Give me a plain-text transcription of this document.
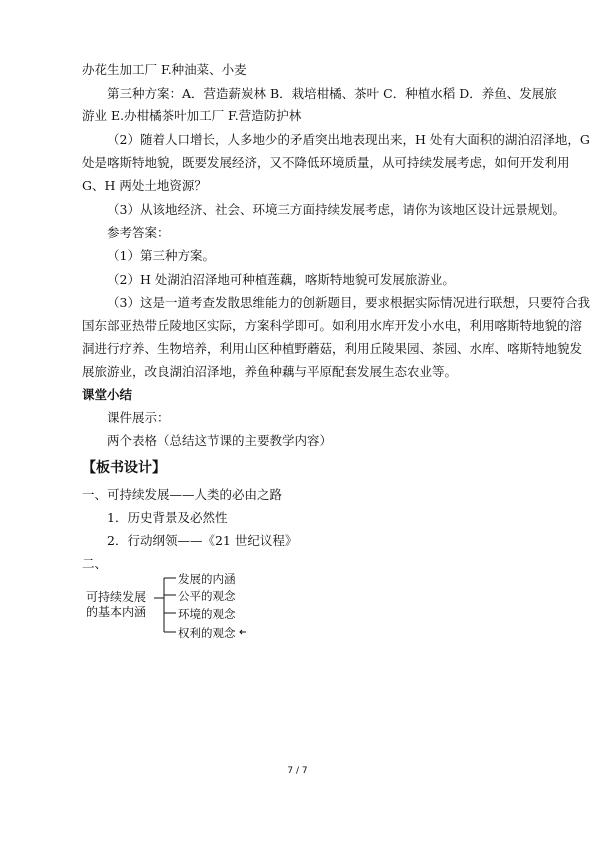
办花生加工厂 F.种油菜、小麦
第三种方案：A．营造薪炭林 B．栽培柑橘、茶叶 C．种植水稻 D．养鱼、发展旅
游业 E.办柑橘茶叶加工厂 F.营造防护林
（2）随着人口增长，人多地少的矛盾突出地表现出来，H 处有大面积的湖泊沼泽地，G
处是喀斯特地貌，既要发展经济，又不降低环境质量，从可持续发展考虑，如何开发利用
G、H 两处土地资源？
（3）从该地经济、社会、环境三方面持续发展考虑，请你为该地区设计远景规划。
参考答案：
（1）第三种方案。
（2）H 处湖泊沼泽地可种植莲藕，喀斯特地貌可发展旅游业。
（3）这是一道考查发散思维能力的创新题目，要求根据实际情况进行联想，只要符合我
国东部亚热带丘陵地区实际，方案科学即可。如利用水库开发小水电，利用喀斯特地貌的溶
洞进行疗养、生物培养，利用山区种植野蘑菇，利用丘陵果园、茶园、水库、喀斯特地貌发
展旅游业，改良湖泊沼泽地，养鱼种藕与平原配套发展生态农业等。
课堂小结
课件展示：
两个表格（总结这节课的主要教学内容）
【板书设计】
一、可持续发展——人类的必由之路
1．历史背景及必然性
2．行动纲领——《21 世纪议程》
二、
可持续发展
的基本内涵
发展的内涵
公平的观念
环境的观念
权利的观念
7 / 7
